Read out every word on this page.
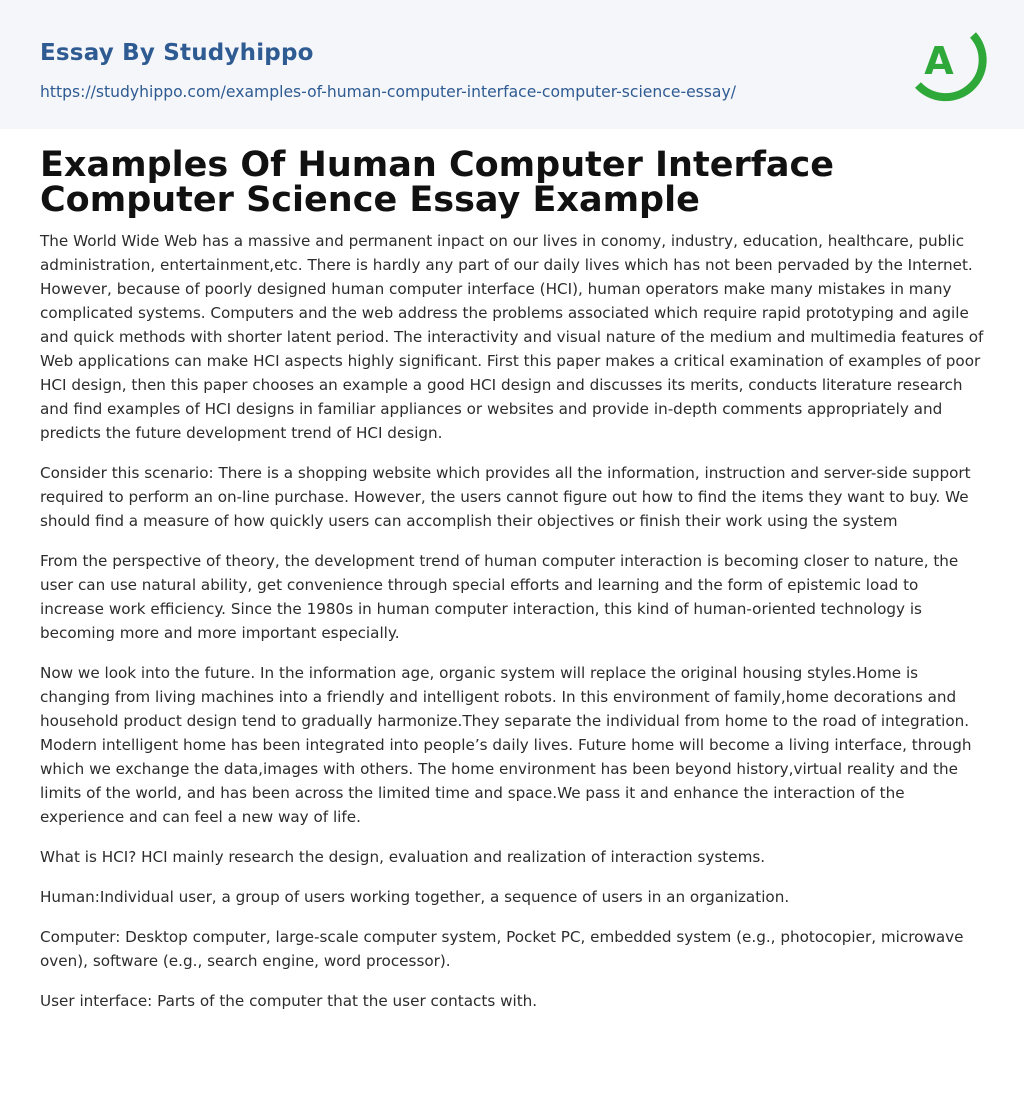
Essay By Studyhippo
https://studyhippo.com/examples-of-human-computer-interface-computer-science-essay/
A
Examples Of Human Computer Interface Computer Science Essay Example

The World Wide Web has a massive and permanent inpact on our lives in conomy, industry, education, healthcare, public administration, entertainment,etc. There is hardly any part of our daily lives which has not been pervaded by the Internet. However, because of poorly designed human computer interface (HCI), human operators make many mistakes in many complicated systems. Computers and the web address the problems associated which require rapid prototyping and agile and quick methods with shorter latent period. The interactivity and visual nature of the medium and multimedia features of Web applications can make HCI aspects highly significant. First this paper makes a critical examination of examples of poor HCI design, then this paper chooses an example a good HCI design and discusses its merits, conducts literature research and find examples of HCI designs in familiar appliances or websites and provide in-depth comments appropriately and predicts the future development trend of HCI design.

Consider this scenario: There is a shopping website which provides all the information, instruction and server-side support required to perform an on-line purchase. However, the users cannot figure out how to find the items they want to buy. We should find a measure of how quickly users can accomplish their objectives or finish their work using the system

From the perspective of theory, the development trend of human computer interaction is becoming closer to nature, the user can use natural ability, get convenience through special efforts and learning and the form of epistemic load to increase work efficiency. Since the 1980s in human computer interaction, this kind of human-oriented technology is becoming more and more important especially.

Now we look into the future. In the information age, organic system will replace the original housing styles.Home is changing from living machines into a friendly and intelligent robots. In this environment of family,home decorations and household product design tend to gradually harmonize.They separate the individual from home to the road of integration. Modern intelligent home has been integrated into people’s daily lives. Future home will become a living interface, through which we exchange the data,images with others. The home environment has been beyond history,virtual reality and the limits of the world, and has been across the limited time and space.We pass it and enhance the interaction of the experience and can feel a new way of life.

What is HCI? HCI mainly research the design, evaluation and realization of interaction systems.

Human:Individual user, a group of users working together, a sequence of users in an organization.

Computer: Desktop computer, large-scale computer system, Pocket PC, embedded system (e.g., photocopier, microwave oven), software (e.g., search engine, word processor).

User interface: Parts of the computer that the user contacts with.
